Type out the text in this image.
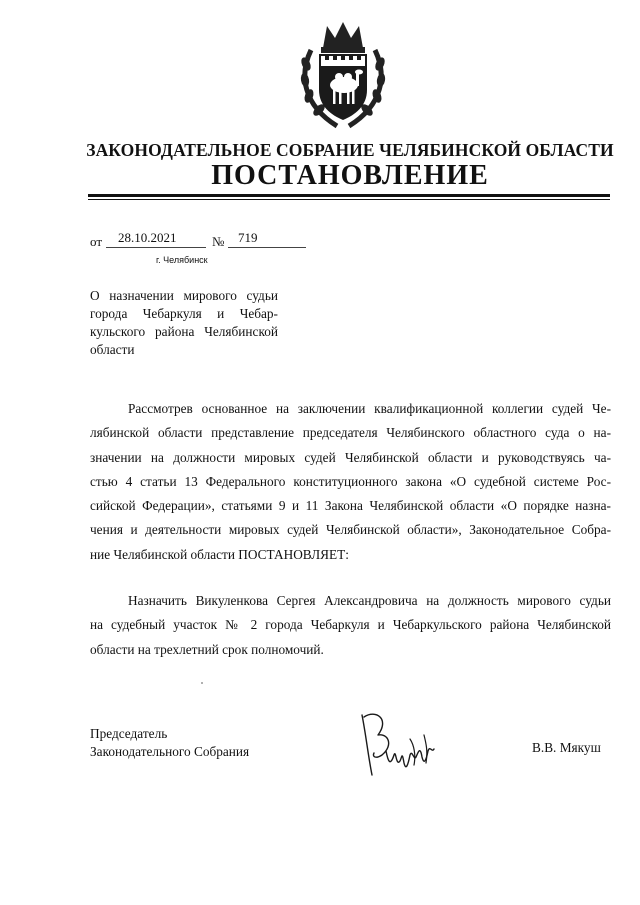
ЗАКОНОДАТЕЛЬНОЕ СОБРАНИЕ ЧЕЛЯБИНСКОЙ ОБЛАСТИ
ПОСТАНОВЛЕНИЕ
от 28.10.2021	№ 719
г. Челябинск
О назначении мирового судьи
города Чебаркуля и Чебар-
кульского района Челябинской
области
Рассмотрев основанное на заключении квалификационной коллегии судей Че-
лябинской области представление председателя Челябинского областного суда о на-
значении на должности мировых судей Челябинской области и руководствуясь ча-
стью 4 статьи 13 Федерального конституционного закона «О судебной системе Рос-
сийской Федерации», статьями 9 и 11 Закона Челябинской области «О порядке назна-
чения и деятельности мировых судей Челябинской области», Законодательное Собра-
ние Челябинской области ПОСТАНОВЛЯЕТ:
Назначить Викуленкова Сергея Александровича на должность мирового судьи
на судебный участок № 2 города Чебаркуля и Чебаркульского района Челябинской
области на трехлетний срок полномочий.
Председатель
Законодательного Собрания	В.В. Мякуш
